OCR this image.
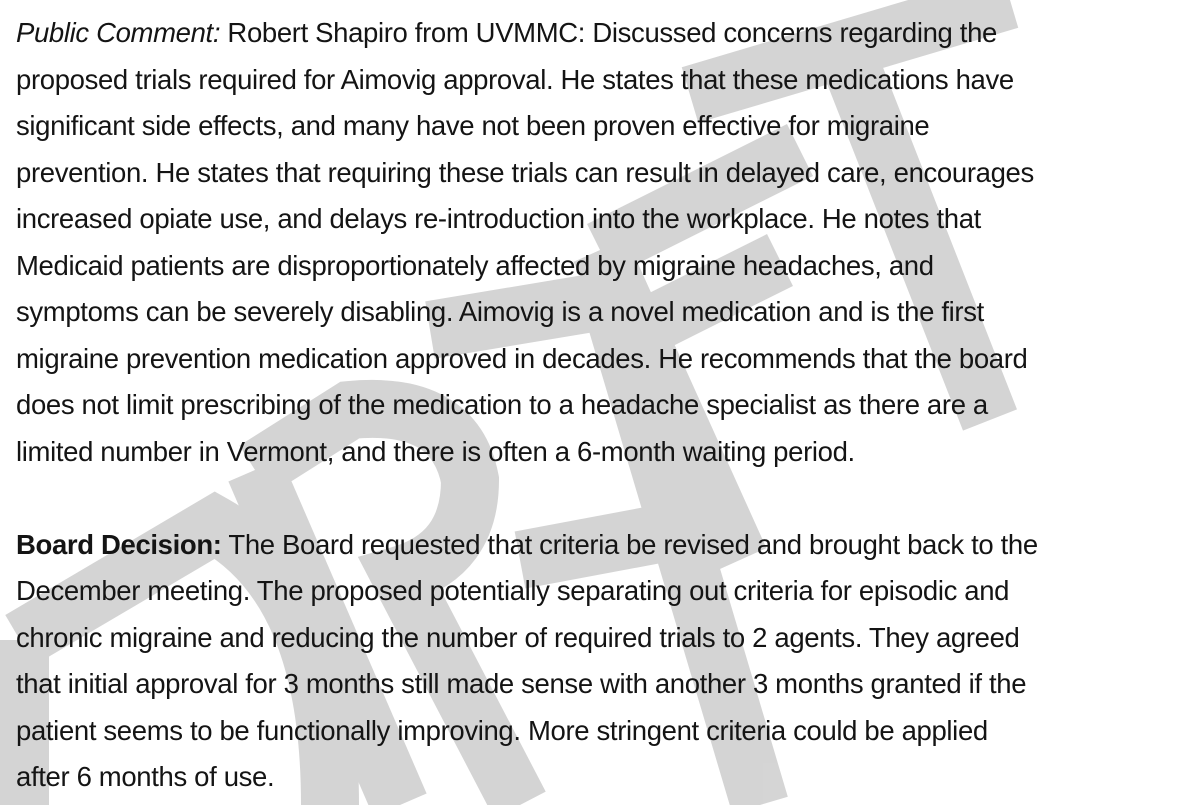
Public Comment: Robert Shapiro from UVMMC: Discussed concerns regarding the
proposed trials required for Aimovig approval. He states that these medications have
significant side effects, and many have not been proven effective for migraine
prevention. He states that requiring these trials can result in delayed care, encourages
increased opiate use, and delays re-introduction into the workplace. He notes that
Medicaid patients are disproportionately affected by migraine headaches, and
symptoms can be severely disabling. Aimovig is a novel medication and is the first
migraine prevention medication approved in decades. He recommends that the board
does not limit prescribing of the medication to a headache specialist as there are a
limited number in Vermont, and there is often a 6-month waiting period.

Board Decision: The Board requested that criteria be revised and brought back to the
December meeting. The proposed potentially separating out criteria for episodic and
chronic migraine and reducing the number of required trials to 2 agents. They agreed
that initial approval for 3 months still made sense with another 3 months granted if the
patient seems to be functionally improving. More stringent criteria could be applied
after 6 months of use.
